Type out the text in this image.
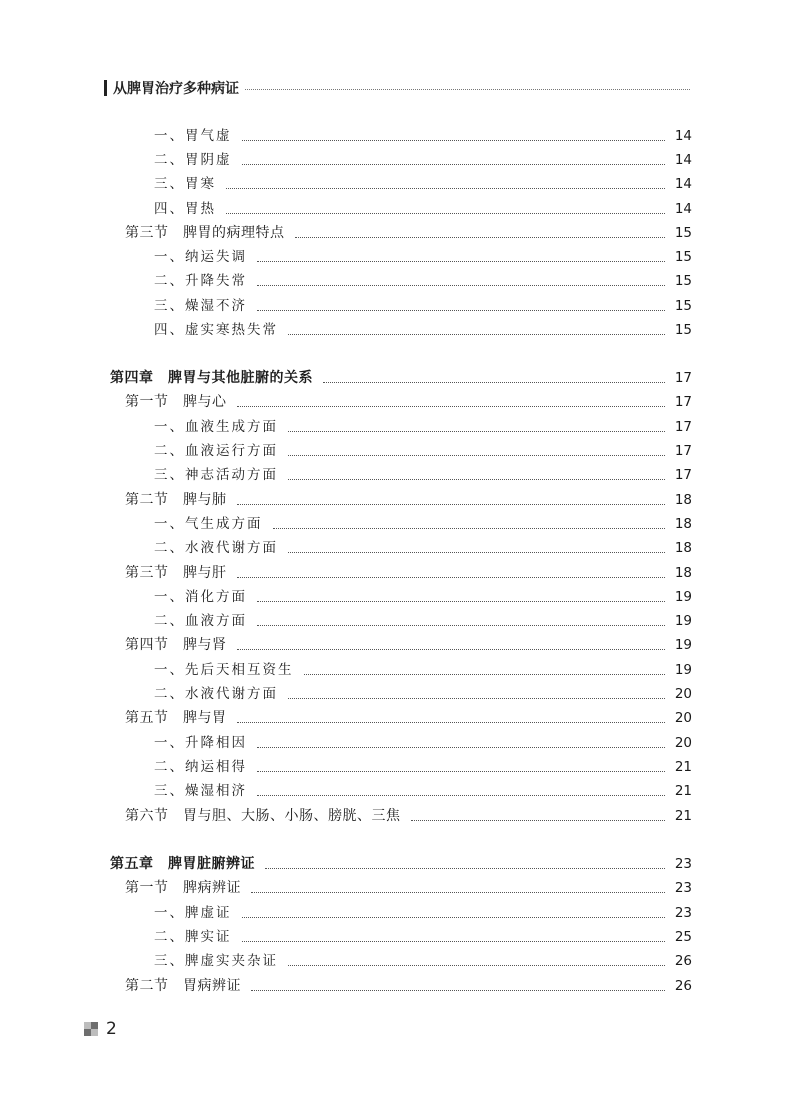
从脾胃治疗多种病证
一、胃气虚	14
二、胃阴虚	14
三、胃寒	14
四、胃热	14
第三节　脾胃的病理特点	15
一、纳运失调	15
二、升降失常	15
三、燥湿不济	15
四、虚实寒热失常	15
第四章　脾胃与其他脏腑的关系	17
第一节　脾与心	17
一、血液生成方面	17
二、血液运行方面	17
三、神志活动方面	17
第二节　脾与肺	18
一、气生成方面	18
二、水液代谢方面	18
第三节　脾与肝	18
一、消化方面	19
二、血液方面	19
第四节　脾与肾	19
一、先后天相互资生	19
二、水液代谢方面	20
第五节　脾与胃	20
一、升降相因	20
二、纳运相得	21
三、燥湿相济	21
第六节　胃与胆、大肠、小肠、膀胱、三焦	21
第五章　脾胃脏腑辨证	23
第一节　脾病辨证	23
一、脾虚证	23
二、脾实证	25
三、脾虚实夹杂证	26
第二节　胃病辨证	26
2
